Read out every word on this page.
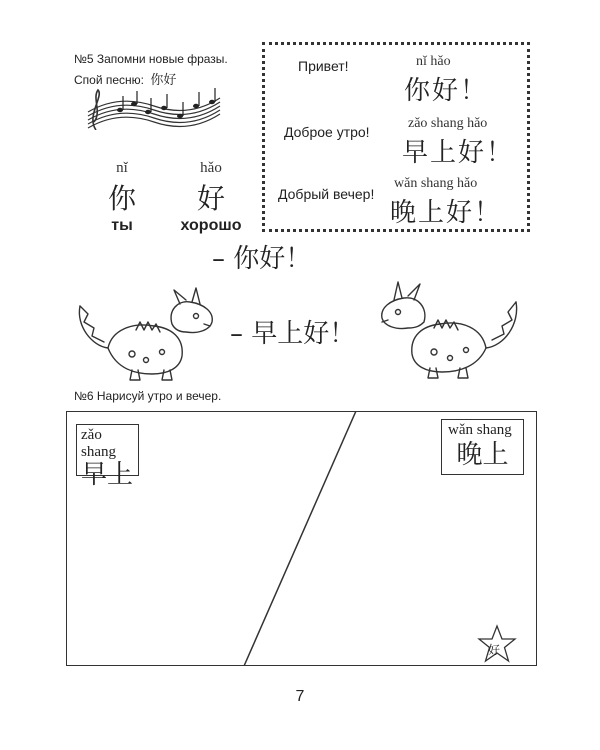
№5 Запомни новые фразы.
Спой песню: 你好
nǐ
你
ты
hǎo
好
хорошо
Привет!	nǐ hǎo
你好！
Доброе утро!
zǎo shang hǎo
早上好！
Добрый вечер!
wǎn shang hǎo
晚上好！
– 你好！
– 早上好！
№6 Нарисуй утро и вечер.
zǎo shang
早上
wǎn shang
晚上
好
7
